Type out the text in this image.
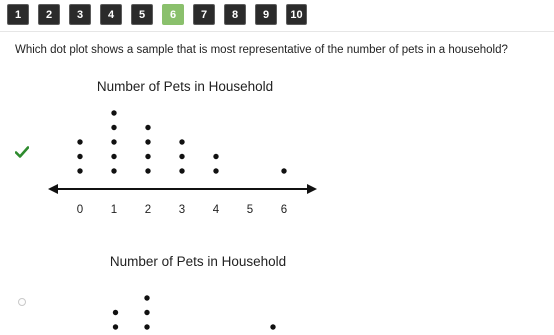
1	2	3	4	5	6	7	8	9	10
Which dot plot shows a sample that is most representative of the number of pets in a household?
Number of Pets in Household
0 1 2 3 4 5 6
Number of Pets in Household
